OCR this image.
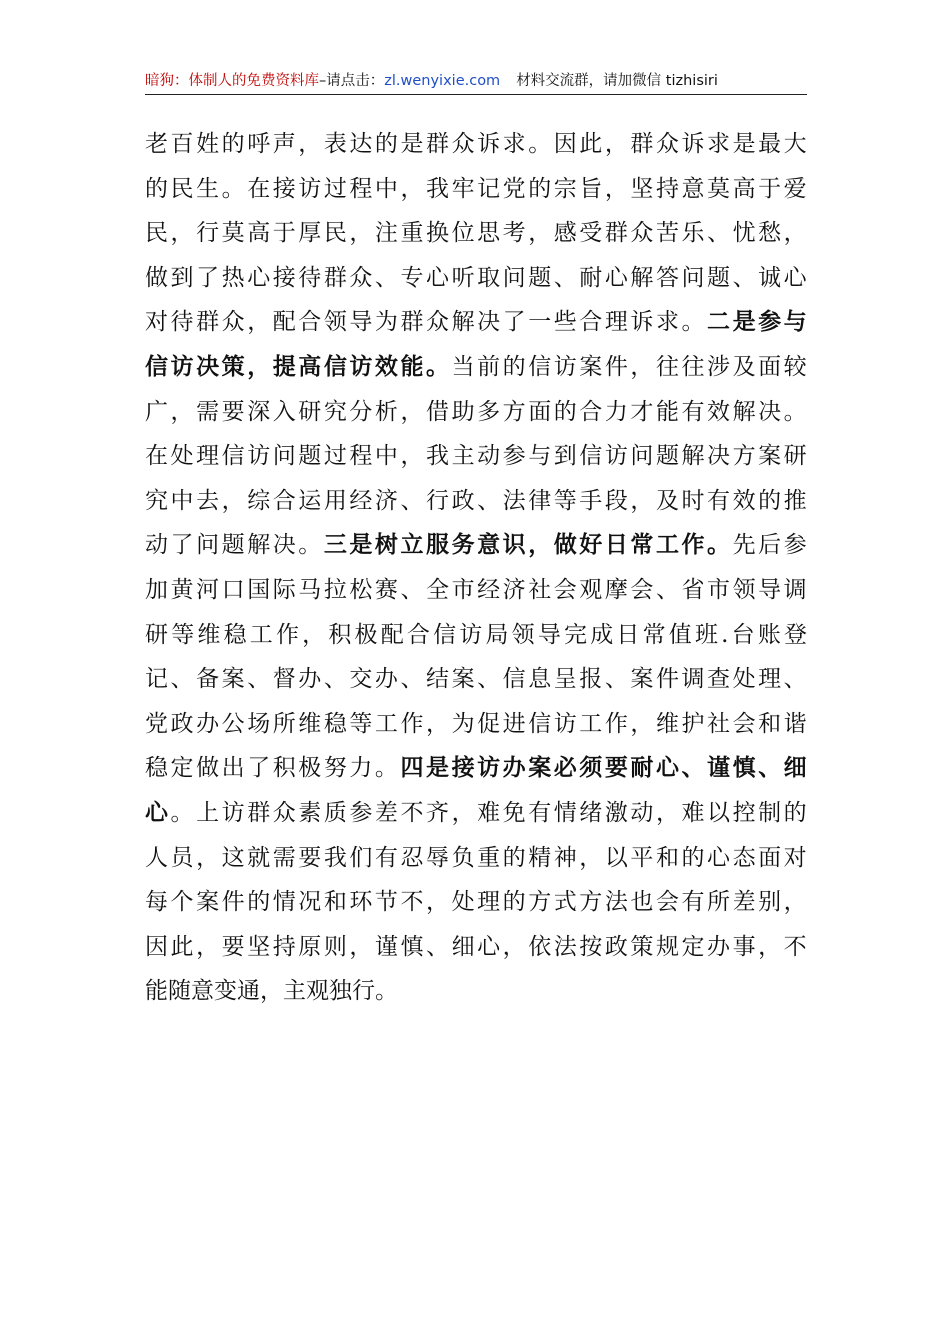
暗狗：体制人的免费资料库 –请点击： zl.wenyixie.com 材料交流群，请加微信 tizhisiri
老 百 姓 的 呼 声 ， 表 达 的 是 群 众 诉 求 。 因 此 ， 群 众 诉 求 是 最 大
的 民 生 。 在 接 访 过 程 中 ， 我 牢 记 党 的 宗 旨 ， 坚 持 意 莫 高 于 爱
民 ， 行 莫 高 于 厚 民 ， 注 重 换 位 思 考 ， 感 受 群 众 苦 乐 、 忧 愁 ，
做 到 了 热 心 接 待 群 众 、 专 心 听 取 问 题 、 耐 心 解 答 问 题 、 诚 心
对 待 群 众 ， 配 合 领 导 为 群 众 解 决 了 一 些 合 理 诉 求 。 二 是 参 与
信 访 决 策 ， 提 高 信 访 效 能 。 当 前 的 信 访 案 件 ， 往 往 涉 及 面 较
广 ， 需 要 深 入 研 究 分 析 ， 借 助 多 方 面 的 合 力 才 能 有 效 解 决 。
在 处 理 信 访 问 题 过 程 中 ， 我 主 动 参 与 到 信 访 问 题 解 决 方 案 研
究 中 去 ， 综 合 运 用 经 济 、 行 政 、 法 律 等 手 段 ， 及 时 有 效 的 推
动 了 问 题 解 决 。 三 是 树 立 服 务 意 识 ， 做 好 日 常 工 作 。 先 后 参
加 黄 河 口 国 际 马 拉 松 赛 、 全 市 经 济 社 会 观 摩 会 、 省 市 领 导 调
研 等 维 稳 工 作 ， 积 极 配 合 信 访 局 领 导 完 成 日 常 值 班 . 台 账 登
记 、 备 案 、 督 办 、 交 办 、 结 案 、 信 息 呈 报 、 案 件 调 查 处 理 、
党 政 办 公 场 所 维 稳 等 工 作 ， 为 促 进 信 访 工 作 ， 维 护 社 会 和 谐
稳 定 做 出 了 积 极 努 力 。 四 是 接 访 办 案 必 须 要 耐 心 、 谨 慎 、 细
心 。 上 访 群 众 素 质 参 差 不 齐 ， 难 免 有 情 绪 激 动 ， 难 以 控 制 的
人 员 ， 这 就 需 要 我 们 有 忍 辱 负 重 的 精 神 ， 以 平 和 的 心 态 面 对
每 个 案 件 的 情 况 和 环 节 不 ， 处 理 的 方 式 方 法 也 会 有 所 差 别 ，
因 此 ， 要 坚 持 原 则 ， 谨 慎 、 细 心 ， 依 法 按 政 策 规 定 办 事 ， 不
能 随 意 变 通 ， 主 观 独 行 。
